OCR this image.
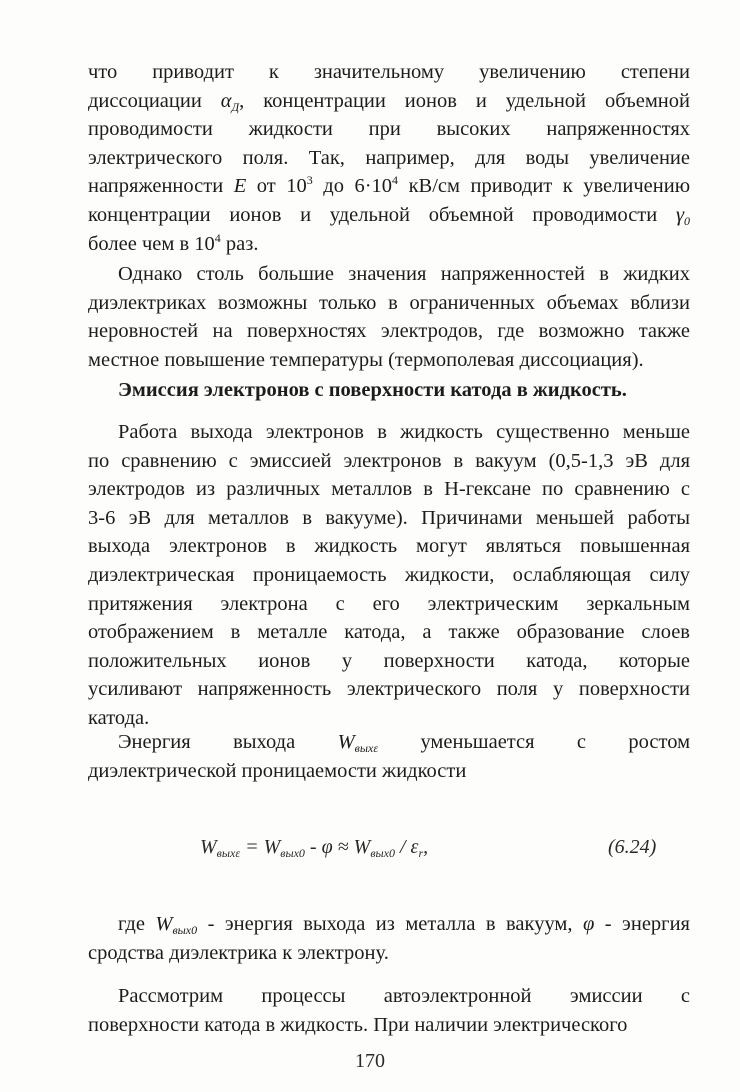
что приводит к значительному увеличению степени
диссоциации $\alpha_Д$, концентрации ионов и удельной объемной
проводимости жидкости при высоких напряженностях
электрического поля. Так, например, для воды увеличение
напряженности E от $10^3$ до $6\cdot 10^4$ кВ/см приводит к увеличению
концентрации ионов и удельной объемной проводимости $\gamma_0$
более чем в $10^4$ раз.
Однако столь большие значения напряженностей в жидких
диэлектриках возможны только в ограниченных объемах вблизи
неровностей на поверхностях электродов, где возможно также
местное повышение температуры (термополевая диссоциация).
Эмиссия электронов с поверхности катода в жидкость.
Работа выхода электронов в жидкость существенно меньше
по сравнению с эмиссией электронов в вакуум (0,5-1,3 эВ для
электродов из различных металлов в Н-гексане по сравнению с
3-6 эВ для металлов в вакууме). Причинами меньшей работы
выхода электронов в жидкость могут являться повышенная
диэлектрическая проницаемость жидкости, ослабляющая силу
притяжения электрона с его электрическим зеркальным
отображением в металле катода, а также образование слоев
положительных ионов у поверхности катода, которые
усиливают напряженность электрического поля у поверхности
катода.
Энергия выхода $W_{вых\varepsilon}$ уменьшается с ростом
диэлектрической проницаемости жидкости
$W_{вых\varepsilon} = W_{вых0} - \varphi \approx W_{вых0} / \varepsilon_r$,	(6.24)
где $W_{вых0}$ - энергия выхода из металла в вакуум, φ - энергия
сродства диэлектрика к электрону.
Рассмотрим процессы автоэлектронной эмиссии с
поверхности катода в жидкость. При наличии электрического
170
